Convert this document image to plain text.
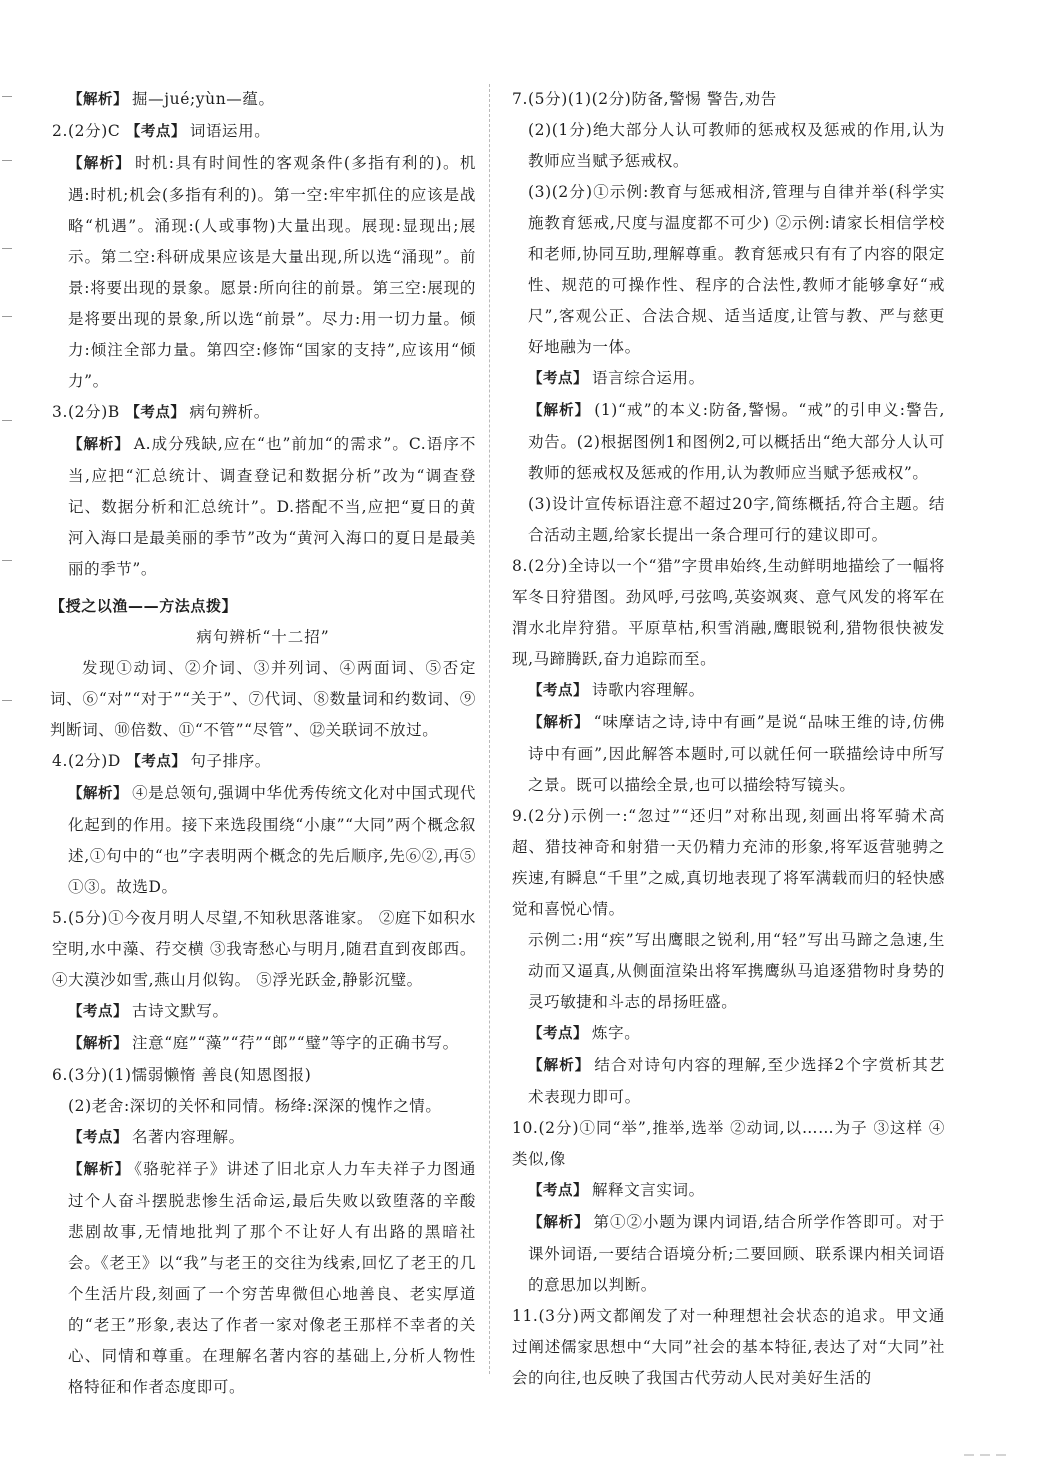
【解析】 掘—jué;yùn—蕴。

2.(2分)C 【考点】 词语运用。

【解析】 时机:具有时间性的客观条件(多指有利的)。机遇:时机;机会(多指有利的)。第一空:牢牢抓住的应该是战略“机遇”。涌现:(人或事物)大量出现。展现:显现出;展示。第二空:科研成果应该是大量出现,所以选“涌现”。前景:将要出现的景象。愿景:所向往的前景。第三空:展现的是将要出现的景象,所以选“前景”。尽力:用一切力量。倾力:倾注全部力量。第四空:修饰“国家的支持”,应该用“倾力”。

3.(2分)B 【考点】 病句辨析。

【解析】 A.成分残缺,应在“也”前加“的需求”。C.语序不当,应把“汇总统计、调查登记和数据分析”改为“调查登记、数据分析和汇总统计”。D.搭配不当,应把“夏日的黄河入海口是最美丽的季节”改为“黄河入海口的夏日是最美丽的季节”。

【授之以渔——方法点拨】
病句辨析“十二招”

发现①动词、②介词、③并列词、④两面词、⑤否定词、⑥“对”“对于”“关于”、⑦代词、⑧数量词和约数词、⑨判断词、⑩倍数、⑪“不管”“尽管”、⑫关联词不放过。

4.(2分)D 【考点】 句子排序。

【解析】 ④是总领句,强调中华优秀传统文化对中国式现代化起到的作用。接下来选段围绕“小康”“大同”两个概念叙述,①句中的“也”字表明两个概念的先后顺序,先⑥②,再⑤①③。故选D。

5.(5分)①今夜月明人尽望,不知秋思落谁家。 ②庭下如积水空明,水中藻、荇交横 ③我寄愁心与明月,随君直到夜郎西。 ④大漠沙如雪,燕山月似钩。 ⑤浮光跃金,静影沉璧。

【考点】 古诗文默写。

【解析】 注意“庭”“藻”“荇”“郎”“璧”等字的正确书写。

6.(3分)(1)懦弱懒惰 善良(知恩图报)

(2)老舍:深切的关怀和同情。杨绛:深深的愧怍之情。

【考点】 名著内容理解。

【解析】 《骆驼祥子》讲述了旧北京人力车夫祥子力图通过个人奋斗摆脱悲惨生活命运,最后失败以致堕落的辛酸悲剧故事,无情地批判了那个不让好人有出路的黑暗社会。《老王》以“我”与老王的交往为线索,回忆了老王的几个生活片段,刻画了一个穷苦卑微但心地善良、老实厚道的“老王”形象,表达了作者一家对像老王那样不幸者的关心、同情和尊重。在理解名著内容的基础上,分析人物性格特征和作者态度即可。

7.(5分)(1)(2分)防备,警惕 警告,劝告

(2)(1分)绝大部分人认可教师的惩戒权及惩戒的作用,认为教师应当赋予惩戒权。

(3)(2分)①示例:教育与惩戒相济,管理与自律并举(科学实施教育惩戒,尺度与温度都不可少) ②示例:请家长相信学校和老师,协同互助,理解尊重。教育惩戒只有有了内容的限定性、规范的可操作性、程序的合法性,教师才能够拿好“戒尺”,客观公正、合法合规、适当适度,让管与教、严与慈更好地融为一体。

【考点】 语言综合运用。

【解析】 (1)“戒”的本义:防备,警惕。“戒”的引申义:警告,劝告。(2)根据图例1和图例2,可以概括出“绝大部分人认可教师的惩戒权及惩戒的作用,认为教师应当赋予惩戒权”。

(3)设计宣传标语注意不超过20字,简练概括,符合主题。结合活动主题,给家长提出一条合理可行的建议即可。

8.(2分)全诗以一个“猎”字贯串始终,生动鲜明地描绘了一幅将军冬日狩猎图。劲风呼,弓弦鸣,英姿飒爽、意气风发的将军在渭水北岸狩猎。平原草枯,积雪消融,鹰眼锐利,猎物很快被发现,马蹄腾跃,奋力追踪而至。

【考点】 诗歌内容理解。

【解析】 “味摩诘之诗,诗中有画”是说“品味王维的诗,仿佛诗中有画”,因此解答本题时,可以就任何一联描绘诗中所写之景。既可以描绘全景,也可以描绘特写镜头。

9.(2分)示例一:“忽过”“还归”对称出现,刻画出将军骑术高超、猎技神奇和射猎一天仍精力充沛的形象,将军返营驰骋之疾速,有瞬息“千里”之威,真切地表现了将军满载而归的轻快感觉和喜悦心情。

示例二:用“疾”写出鹰眼之锐利,用“轻”写出马蹄之急速,生动而又逼真,从侧面渲染出将军携鹰纵马追逐猎物时身势的灵巧敏捷和斗志的昂扬旺盛。

【考点】 炼字。

【解析】 结合对诗句内容的理解,至少选择2个字赏析其艺术表现力即可。

10.(2分)①同“举”,推举,选举 ②动词,以……为子 ③这样 ④类似,像

【考点】 解释文言实词。

【解析】 第①②小题为课内词语,结合所学作答即可。对于课外词语,一要结合语境分析;二要回顾、联系课内相关词语的意思加以判断。

11.(3分)两文都阐发了对一种理想社会状态的追求。甲文通过阐述儒家思想中“大同”社会的基本特征,表达了对“大同”社会的向往,也反映了我国古代劳动人民对美好生活的
